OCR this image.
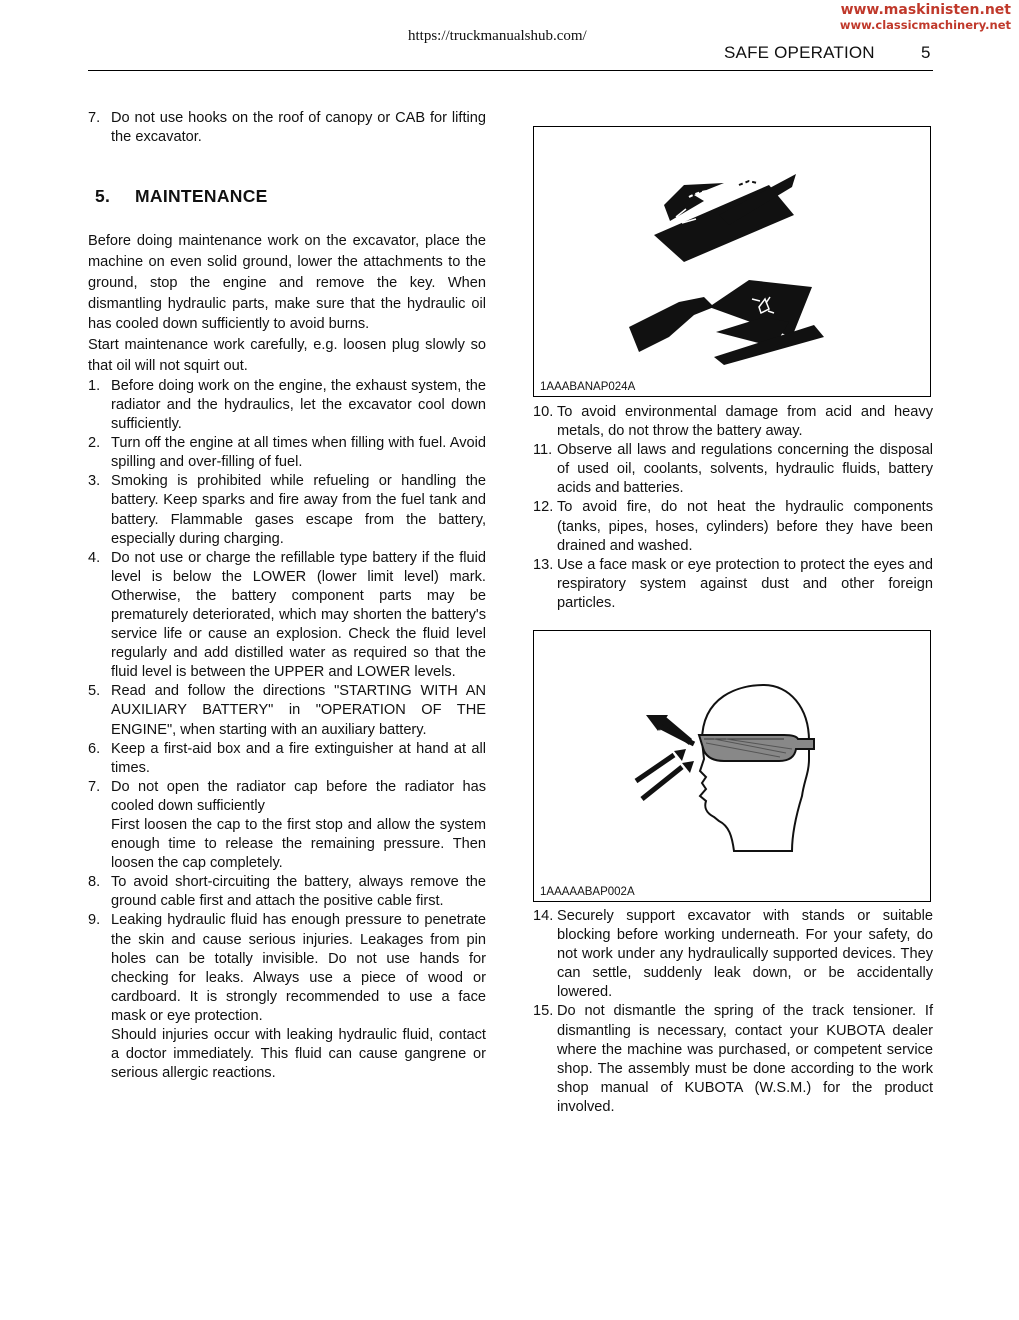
www.maskinisten.net
www.classicmachinery.net
https://truckmanualshub.com/
SAFE OPERATION	5
7. Do not use hooks on the roof of canopy or CAB for lifting the excavator.
5. MAINTENANCE

Before doing maintenance work on the excavator, place the machine on even solid ground, lower the attachments to the ground, stop the engine and remove the key. When dismantling hydraulic parts, make sure that the hydraulic oil has cooled down sufficiently to avoid burns.

Start maintenance work carefully, e.g. loosen plug slowly so that oil will not squirt out.

1. Before doing work on the engine, the exhaust system, the radiator and the hydraulics, let the excavator cool down sufficiently.

2. Turn off the engine at all times when filling with fuel. Avoid spilling and over-filling of fuel.

3. Smoking is prohibited while refueling or handling the battery. Keep sparks and fire away from the fuel tank and battery. Flammable gases escape from the battery, especially during charging.

4. Do not use or charge the refillable type battery if the fluid level is below the LOWER (lower limit level) mark. Otherwise, the battery component parts may be prematurely deteriorated, which may shorten the battery's service life or cause an explosion. Check the fluid level regularly and add distilled water as required so that the fluid level is between the UPPER and LOWER levels.

5. Read and follow the directions "STARTING WITH AN AUXILIARY BATTERY" in "OPERATION OF THE ENGINE", when starting with an auxiliary battery.

6. Keep a first-aid box and a fire extinguisher at hand at all times.

7. Do not open the radiator cap before the radiator has cooled down sufficiently

First loosen the cap to the first stop and allow the system enough time to release the remaining pressure. Then loosen the cap completely.

8. To avoid short-circuiting the battery, always remove the ground cable first and attach the positive cable first.

9. Leaking hydraulic fluid has enough pressure to penetrate the skin and cause serious injuries. Leakages from pin holes can be totally invisible. Do not use hands for checking for leaks. Always use a piece of wood or cardboard. It is strongly recommended to use a face mask or eye protection.

Should injuries occur with leaking hydraulic fluid, contact a doctor immediately. This fluid can cause gangrene or serious allergic reactions.

1AAABANAP024A
10. To avoid environmental damage from acid and heavy metals, do not throw the battery away.

11. Observe all laws and regulations concerning the disposal of used oil, coolants, solvents, hydraulic fluids, battery acids and batteries.

12. To avoid fire, do not heat the hydraulic components (tanks, pipes, hoses, cylinders) before they have been drained and washed.

13. Use a face mask or eye protection to protect the eyes and respiratory system against dust and other foreign particles.

1AAAAABAP002A
14. Securely support excavator with stands or suitable blocking before working underneath. For your safety, do not work under any hydraulically supported devices. They can settle, suddenly leak down, or be accidentally lowered.

15. Do not dismantle the spring of the track tensioner. If dismantling is necessary, contact your KUBOTA dealer where the machine was purchased, or competent service shop. The assembly must be done according to the work shop manual of KUBOTA (W.S.M.) for the product involved.
